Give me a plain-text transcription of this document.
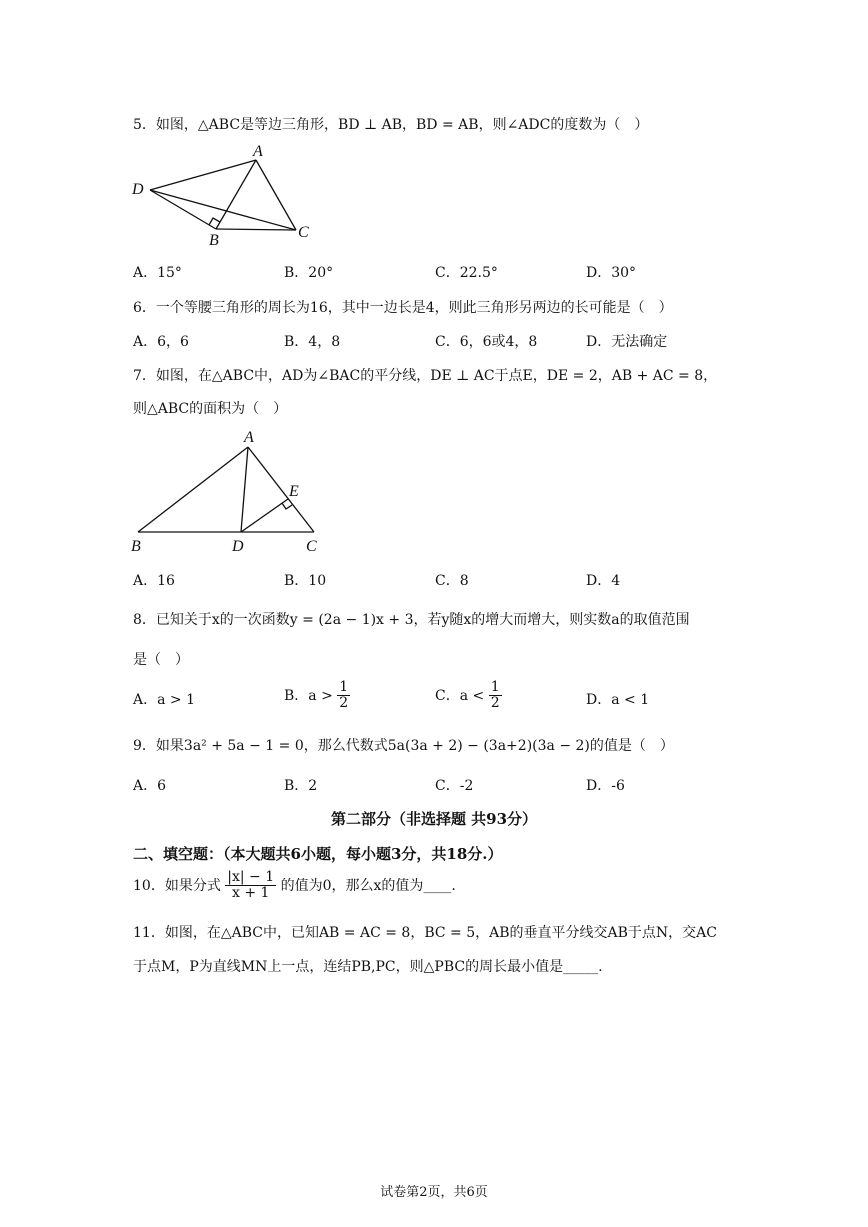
5．如图，△ABC是等边三角形，BD ⊥ AB，BD = AB，则∠ADC的度数为（　）
A
D
B	C
A．15°	B．20°	C．22.5°	D．30°
6．一个等腰三角形的周长为16，其中一边长是4，则此三角形另两边的长可能是（　）
A．6，6	B．4，8	C．6，6或4，8	D．无法确定
7．如图，在△ABC中，AD为∠BAC的平分线，DE ⊥ AC于点E，DE = 2，AB + AC = 8，
则△ABC的面积为（　）
A
E
B	D	C
A．16	B．10	C．8	D．4
8．已知关于x的一次函数y = (2a − 1)x + 3，若y随x的增大而增大，则实数a的取值范围
是（　）
A．a > 1	B．$a > \frac{1}{2}$	C．$a < \frac{1}{2}$	D．a < 1
9．如果3a² + 5a − 1 = 0，那么代数式5a(3a + 2) − (3a+2)(3a − 2)的值是（　）
A．6	B．2	C．-2	D．-6
第二部分（非选择题 共93分）
二、填空题：（本大题共6小题，每小题3分，共18分.）
10．如果分式 $\frac{|x| - 1}{x + 1}$ 的值为0，那么x的值为____.
11．如图，在△ABC中，已知AB = AC = 8，BC = 5，AB的垂直平分线交AB于点N，交AC
于点M，P为直线MN上一点，连结PB,PC，则△PBC的周长最小值是_____.
试卷第2页，共6页
